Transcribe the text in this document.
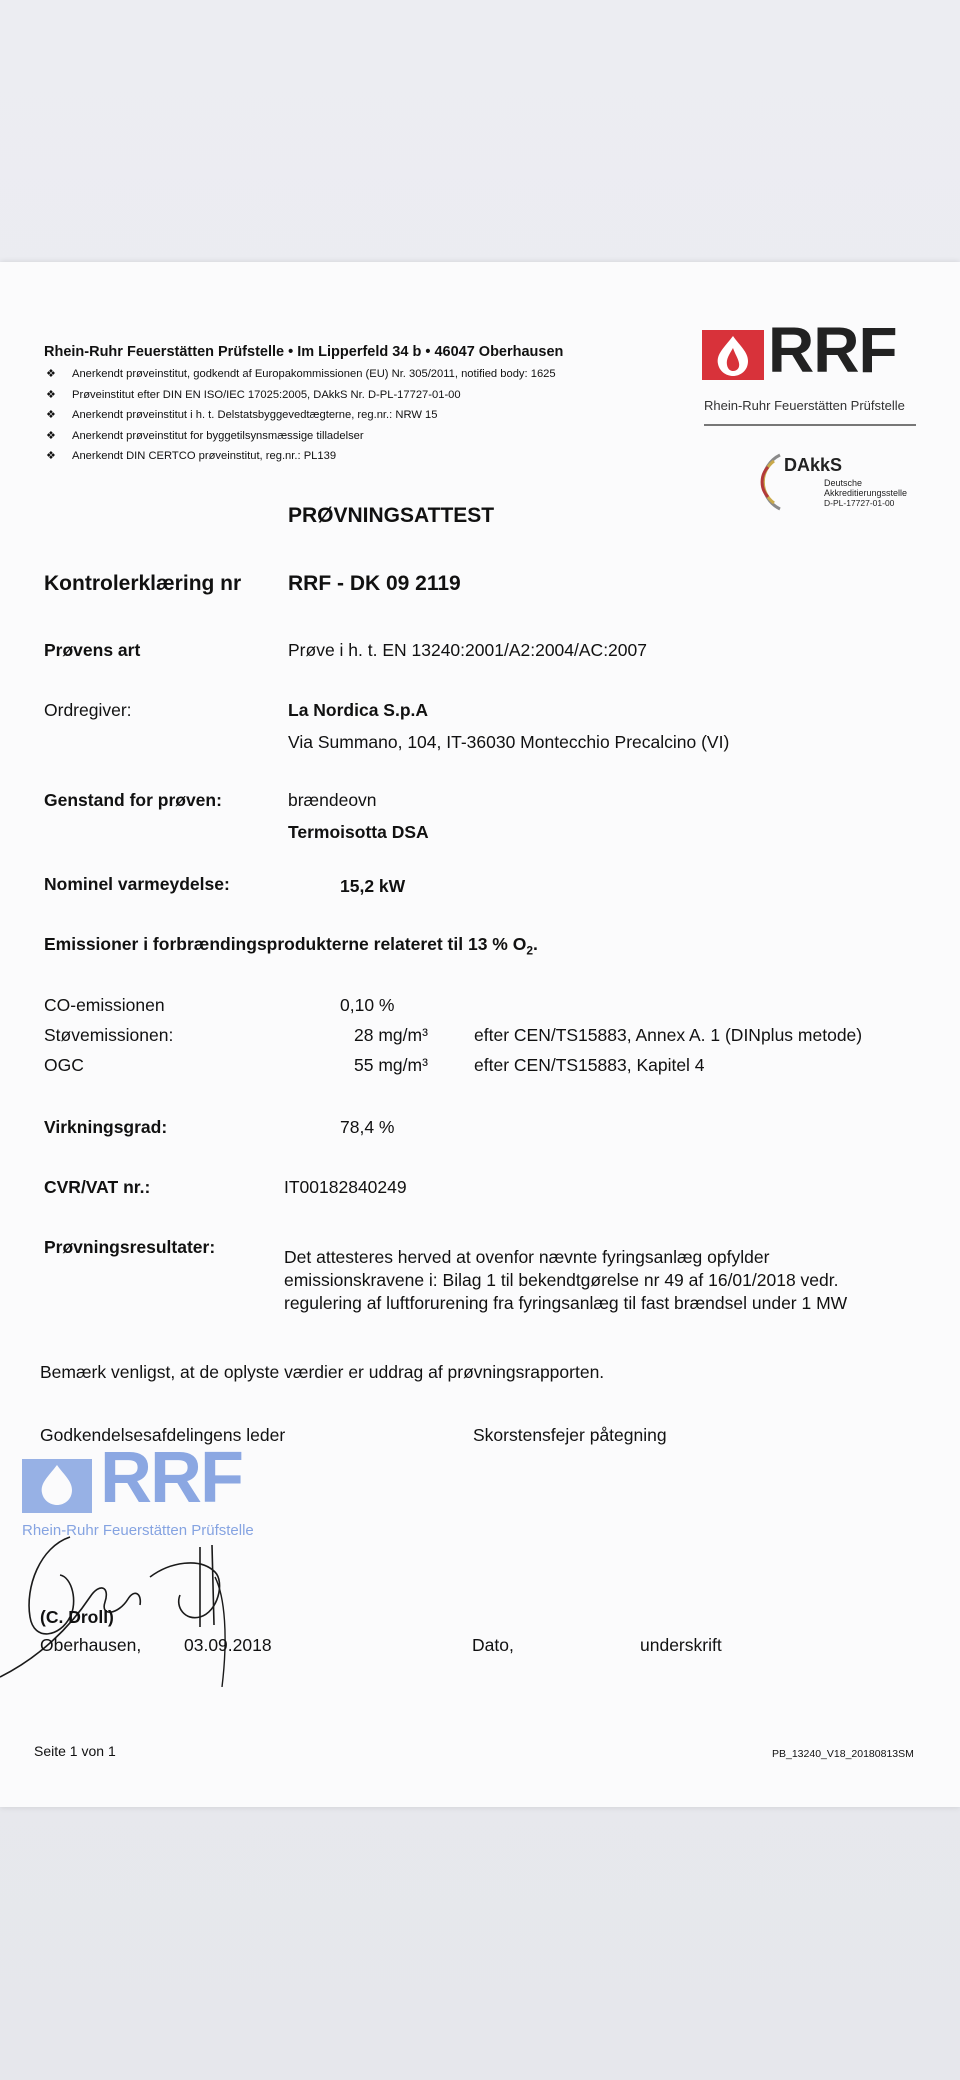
Rhein-Ruhr Feuerstätten Prüfstelle • Im Lipperfeld 34 b • 46047 Oberhausen
❖ Anerkendt prøveinstitut, godkendt af Europakommissionen (EU) Nr. 305/2011, notified body: 1625
❖ Prøveinstitut efter DIN EN ISO/IEC 17025:2005, DAkkS Nr. D-PL-17727-01-00
❖ Anerkendt prøveinstitut i h. t. Delstatsbyggevedtægterne, reg.nr.: NRW 15
❖ Anerkendt prøveinstitut for byggetilsynsmæssige tilladelser
❖ Anerkendt DIN CERTCO prøveinstitut, reg.nr.: PL139
RRF
Rhein-Ruhr Feuerstätten Prüfstelle
DAkkS
Deutsche
Akkreditierungsstelle
D-PL-17727-01-00
PRØVNINGSATTEST
Kontrolerklæring nr RRF - DK 09 2119
Prøvens art	Prøve i h. t. EN 13240:2001/A2:2004/AC:2007
Ordregiver:	La Nordica S.p.A
Via Summano, 104, IT-36030 Montecchio Precalcino (VI)
Genstand for prøven:	brændeovn
Termoisotta DSA
Nominel varmeydelse:	15,2 kW
Emissioner i forbrændingsprodukterne relateret til 13 % $O_2$.
CO-emissionen	0,10 %
Støvemissionen:	28 mg/m³	efter CEN/TS15883, Annex A. 1 (DINplus metode)
OGC	55 mg/m³	efter CEN/TS15883, Kapitel 4
Virkningsgrad:	78,4 %
CVR/VAT nr.:	IT00182840249
Prøvningsresultater:	Det attesteres herved at ovenfor nævnte fyringsanlæg opfylder
emissionskravene i: Bilag 1 til bekendtgørelse nr 49 af 16/01/2018 vedr.
regulering af luftforurening fra fyringsanlæg til fast brændsel under 1 MW
Bemærk venligst, at de oplyste værdier er uddrag af prøvningsrapporten.
Godkendelsesafdelingens leder	Skorstensfejer påtegning
RRF
Rhein-Ruhr Feuerstätten Prüfstelle
(C. Droll)
Oberhausen, 03.09.2018	Dato,	underskrift
Seite 1 von 1	PB_13240_V18_20180813SM
